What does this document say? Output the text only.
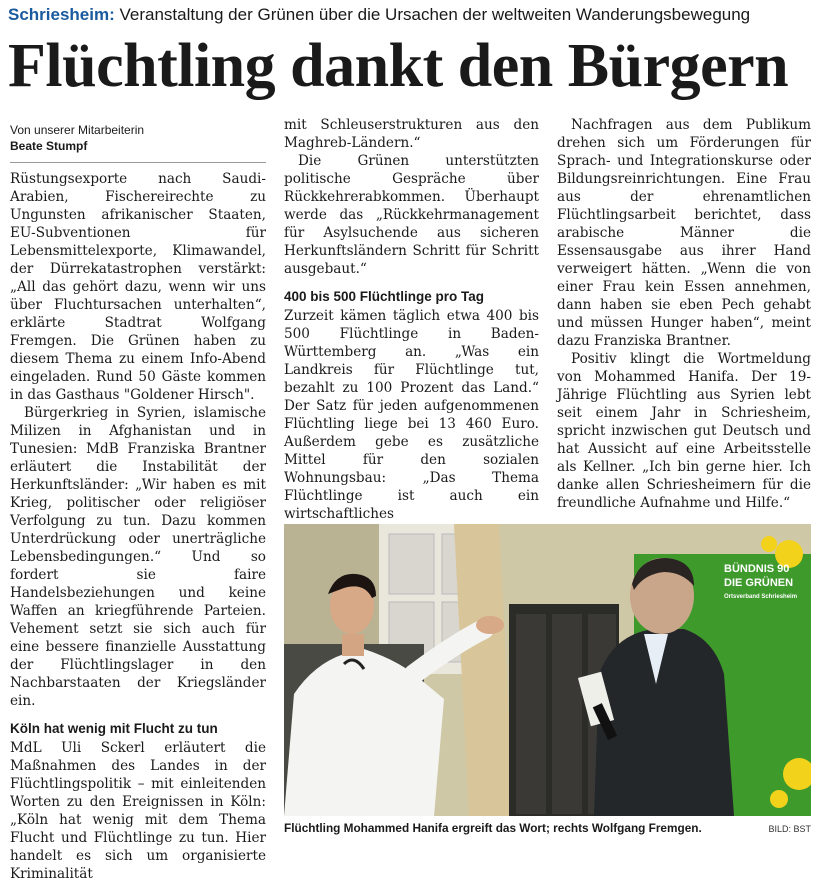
Schriesheim: Veranstaltung der Grünen über die Ursachen der weltweiten Wanderungsbewegung
Flüchtling dankt den Bürgern
Von unserer Mitarbeiterin
Beate Stumpf

Rüstungsexporte nach Saudi-Arabien, Fischereirechte zu Ungunsten afrikanischer Staaten, EU-Subventionen für Lebensmittelexporte, Klimawandel, der Dürrekatastrophen verstärkt: „All das gehört dazu, wenn wir uns über Fluchtursachen unterhalten“, erklärte Stadtrat Wolfgang Fremgen. Die Grünen haben zu diesem Thema zu einem Info-Abend eingeladen. Rund 50 Gäste kommen in das Gasthaus "Goldener Hirsch".

Bürgerkrieg in Syrien, islamische Milizen in Afghanistan und in Tunesien: MdB Franziska Brantner erläutert die Instabilität der Herkunftsländer: „Wir haben es mit Krieg, politischer oder religiöser Verfolgung zu tun. Dazu kommen Unterdrückung oder unerträgliche Lebensbedingungen.“ Und so fordert sie faire Handelsbeziehungen und keine Waffen an kriegführende Parteien. Vehement setzt sie sich auch für eine bessere finanzielle Ausstattung der Flüchtlingslager in den Nachbarstaaten der Kriegsländer ein.

Köln hat wenig mit Flucht zu tun

MdL Uli Sckerl erläutert die Maßnahmen des Landes in der Flüchtlingspolitik – mit einleitenden Worten zu den Ereignissen in Köln: „Köln hat wenig mit dem Thema Flucht und Flüchtlinge zu tun. Hier handelt es sich um organisierte Kriminalität

mit Schleuserstrukturen aus den Maghreb-Ländern.“

Die Grünen unterstützten politische Gespräche über Rückkehrerabkommen. Überhaupt werde das „Rückkehrmanagement für Asylsuchende aus sicheren Herkunftsländern Schritt für Schritt ausgebaut.“

400 bis 500 Flüchtlinge pro Tag

Zurzeit kämen täglich etwa 400 bis 500 Flüchtlinge in Baden-Württemberg an. „Was ein Landkreis für Flüchtlinge tut, bezahlt zu 100 Prozent das Land.“ Der Satz für jeden aufgenommenen Flüchtling liege bei 13 460 Euro. Außerdem gebe es zusätzliche Mittel für den sozialen Wohnungsbau: „Das Thema Flüchtlinge ist auch ein wirtschaftliches

Nachfragen aus dem Publikum drehen sich um Förderungen für Sprach- und Integrationskurse oder Bildungsreinrichtungen. Eine Frau aus der ehrenamtlichen Flüchtlingsarbeit berichtet, dass arabische Männer die Essensausgabe aus ihrer Hand verweigert hätten. „Wenn die von einer Frau kein Essen annehmen, dann haben sie eben Pech gehabt und müssen Hunger haben“, meint dazu Franziska Brantner.

Positiv klingt die Wortmeldung von Mohammed Hanifa. Der 19-Jährige Flüchtling aus Syrien lebt seit einem Jahr in Schriesheim, spricht inzwischen gut Deutsch und hat Aussicht auf eine Arbeitsstelle als Kellner. „Ich bin gerne hier. Ich danke allen Schriesheimern für die freundliche Aufnahme und Hilfe.“

BÜNDNIS 90
DIE GRÜNEN
Ortsverband Schriesheim
Flüchtling Mohammed Hanifa ergreift das Wort; rechts Wolfgang Fremgen.	BILD: BST
